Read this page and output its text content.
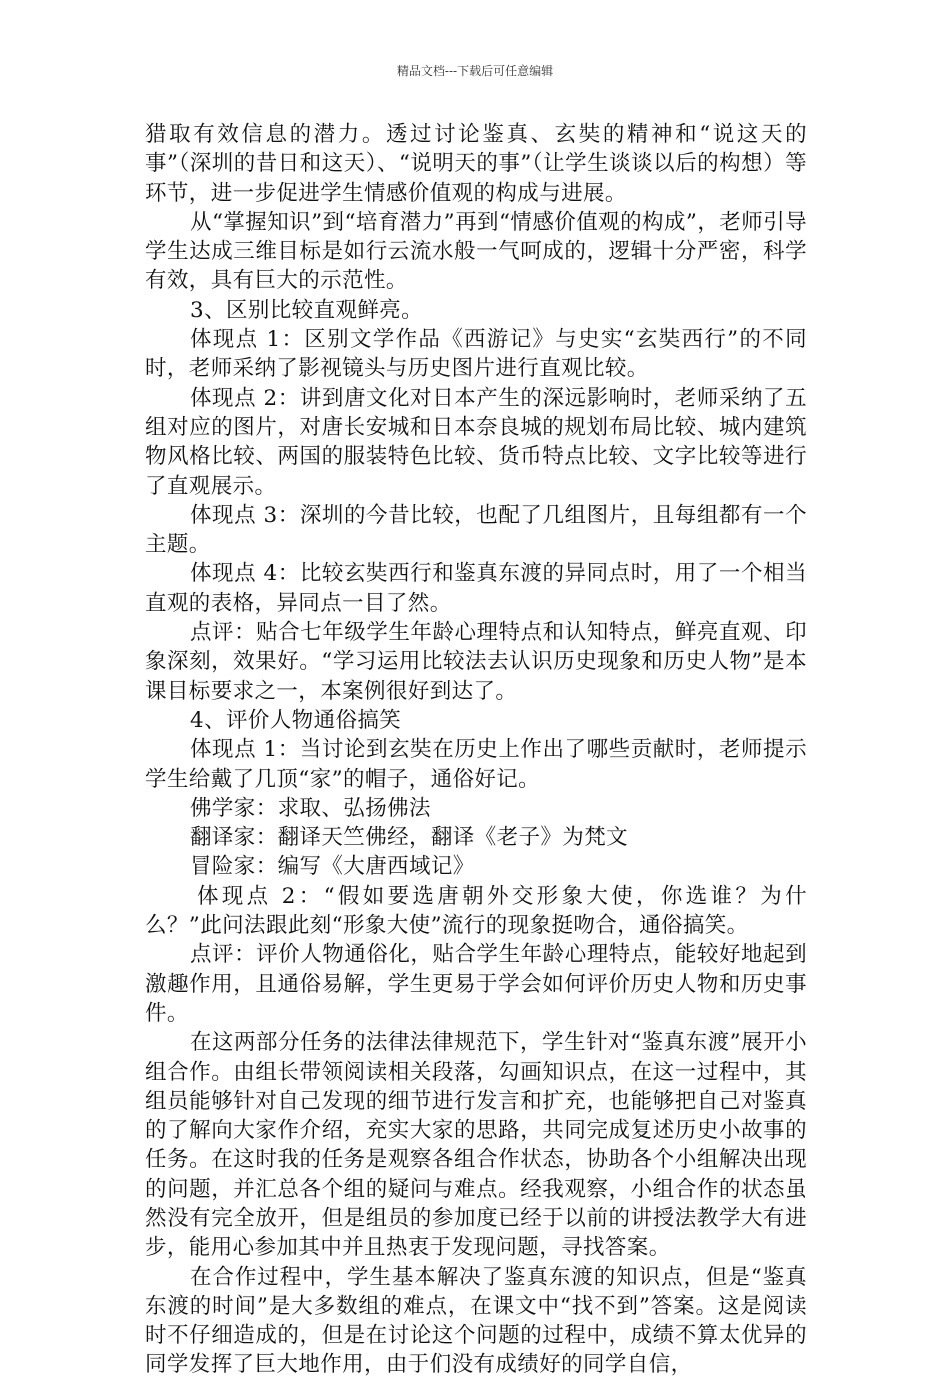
精品文档---下载后可任意编辑

猎取有效信息的潜力。透过讨论鉴真、玄奘的精神和“说这天的事”（深圳的昔日和这天）、“说明天的事”（让学生谈谈以后的构想）等环节，进一步促进学生情感价值观的构成与进展。

从“掌握知识”到“培育潜力”再到“情感价值观的构成”，老师引导学生达成三维目标是如行云流水般一气呵成的，逻辑十分严密，科学有效，具有巨大的示范性。

3、区别比较直观鲜亮。

体现点 1：区别文学作品《西游记》与史实“玄奘西行”的不同时，老师采纳了影视镜头与历史图片进行直观比较。

体现点 2：讲到唐文化对日本产生的深远影响时，老师采纳了五组对应的图片，对唐长安城和日本奈良城的规划布局比较、城内建筑物风格比较、两国的服装特色比较、货币特点比较、文字比较等进行了直观展示。

体现点 3：深圳的今昔比较，也配了几组图片，且每组都有一个主题。

体现点 4：比较玄奘西行和鉴真东渡的异同点时，用了一个相当直观的表格，异同点一目了然。

点评：贴合七年级学生年龄心理特点和认知特点，鲜亮直观、印象深刻，效果好。“学习运用比较法去认识历史现象和历史人物”是本课目标要求之一，本案例很好到达了。

4、评价人物通俗搞笑

体现点 1：当讨论到玄奘在历史上作出了哪些贡献时，老师提示学生给戴了几顶“家”的帽子，通俗好记。

佛学家：求取、弘扬佛法

翻译家：翻译天竺佛经，翻译《老子》为梵文

冒险家：编写《大唐西域记》

体现点 2：“假如要选唐朝外交形象大使，你选谁？为什么？”此问法跟此刻“形象大使”流行的现象挺吻合，通俗搞笑。

点评：评价人物通俗化，贴合学生年龄心理特点，能较好地起到激趣作用，且通俗易解，学生更易于学会如何评价历史人物和历史事件。

在这两部分任务的法律法律规范下，学生针对“鉴真东渡”展开小组合作。由组长带领阅读相关段落，勾画知识点，在这一过程中，其组员能够针对自己发现的细节进行发言和扩充，也能够把自己对鉴真的了解向大家作介绍，充实大家的思路，共同完成复述历史小故事的任务。在这时我的任务是观察各组合作状态，协助各个小组解决出现的问题，并汇总各个组的疑问与难点。经我观察，小组合作的状态虽然没有完全放开，但是组员的参加度已经于以前的讲授法教学大有进步，能用心参加其中并且热衷于发现问题，寻找答案。

在合作过程中，学生基本解决了鉴真东渡的知识点，但是“鉴真东渡的时间”是大多数组的难点，在课文中“找不到”答案。这是阅读时不仔细造成的，但是在讨论这个问题的过程中，成绩不算太优异的同学发挥了巨大地作用，由于们没有成绩好的同学自信，
